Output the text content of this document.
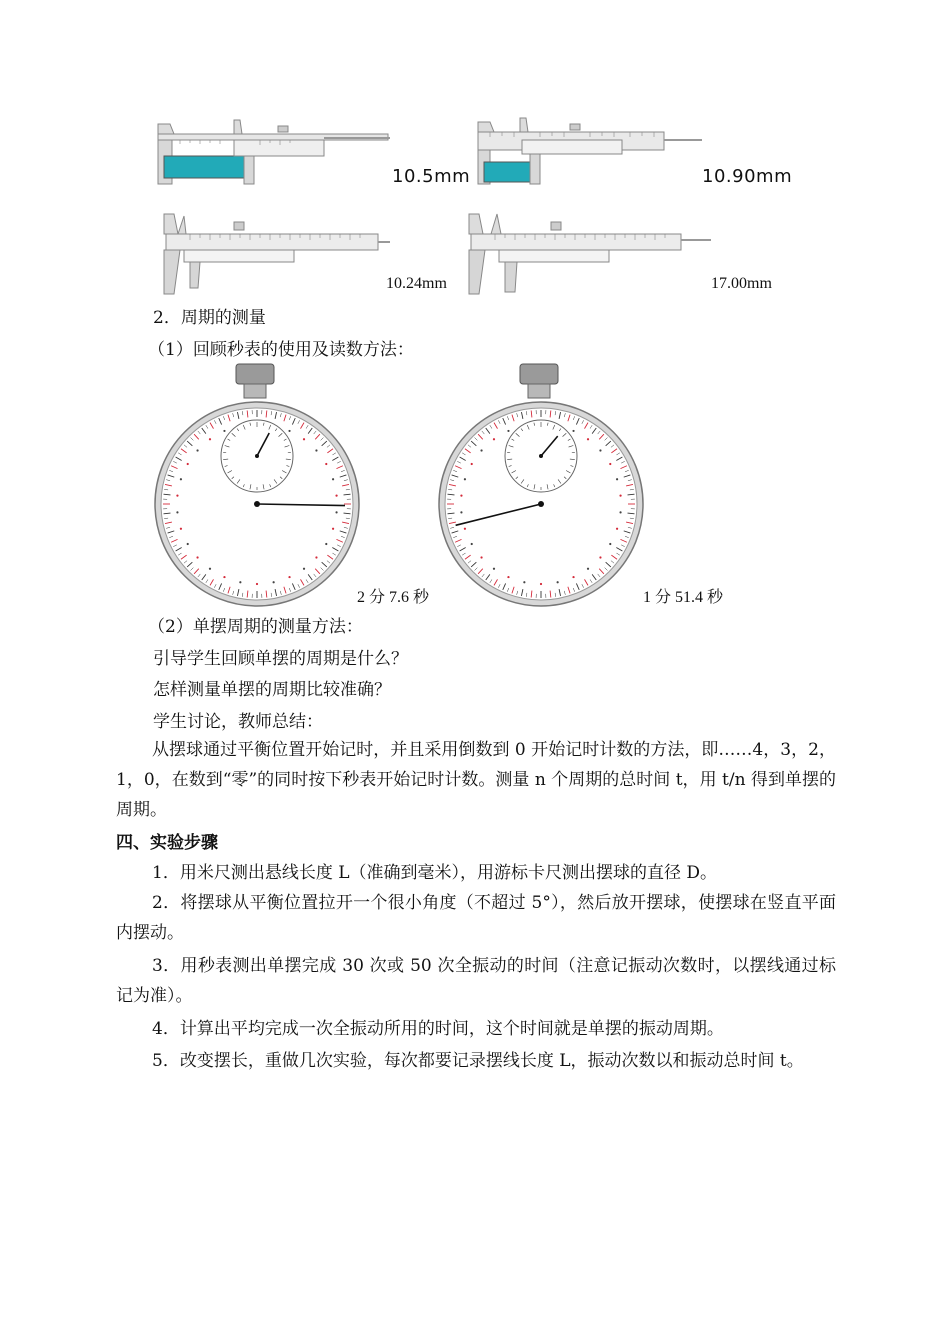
10.5mm	10.90mm
10.24mm	17.00mm
2．周期的测量
（1）回顾秒表的使用及读数方法：
2 分 7.6 秒	1 分 51.4 秒
（2）单摆周期的测量方法：
引导学生回顾单摆的周期是什么？
怎样测量单摆的周期比较准确？
学生讨论，教师总结：
从摆球通过平衡位置开始记时，并且采用倒数到 0 开始记时计数的方法，即……4，3，2，1，0，在数到“零”的同时按下秒表开始记时计数。测量 n 个周期的总时间 t，用 t/n 得到单摆的周期。
四、实验步骤
1．用米尺测出悬线长度 L（准确到毫米），用游标卡尺测出摆球的直径 D。
2．将摆球从平衡位置拉开一个很小角度（不超过 5°），然后放开摆球，使摆球在竖直平面内摆动。
3．用秒表测出单摆完成 30 次或 50 次全振动的时间（注意记振动次数时，以摆线通过标记为准）。
4．计算出平均完成一次全振动所用的时间，这个时间就是单摆的振动周期。
5．改变摆长，重做几次实验，每次都要记录摆线长度 L，振动次数以和振动总时间 t。
